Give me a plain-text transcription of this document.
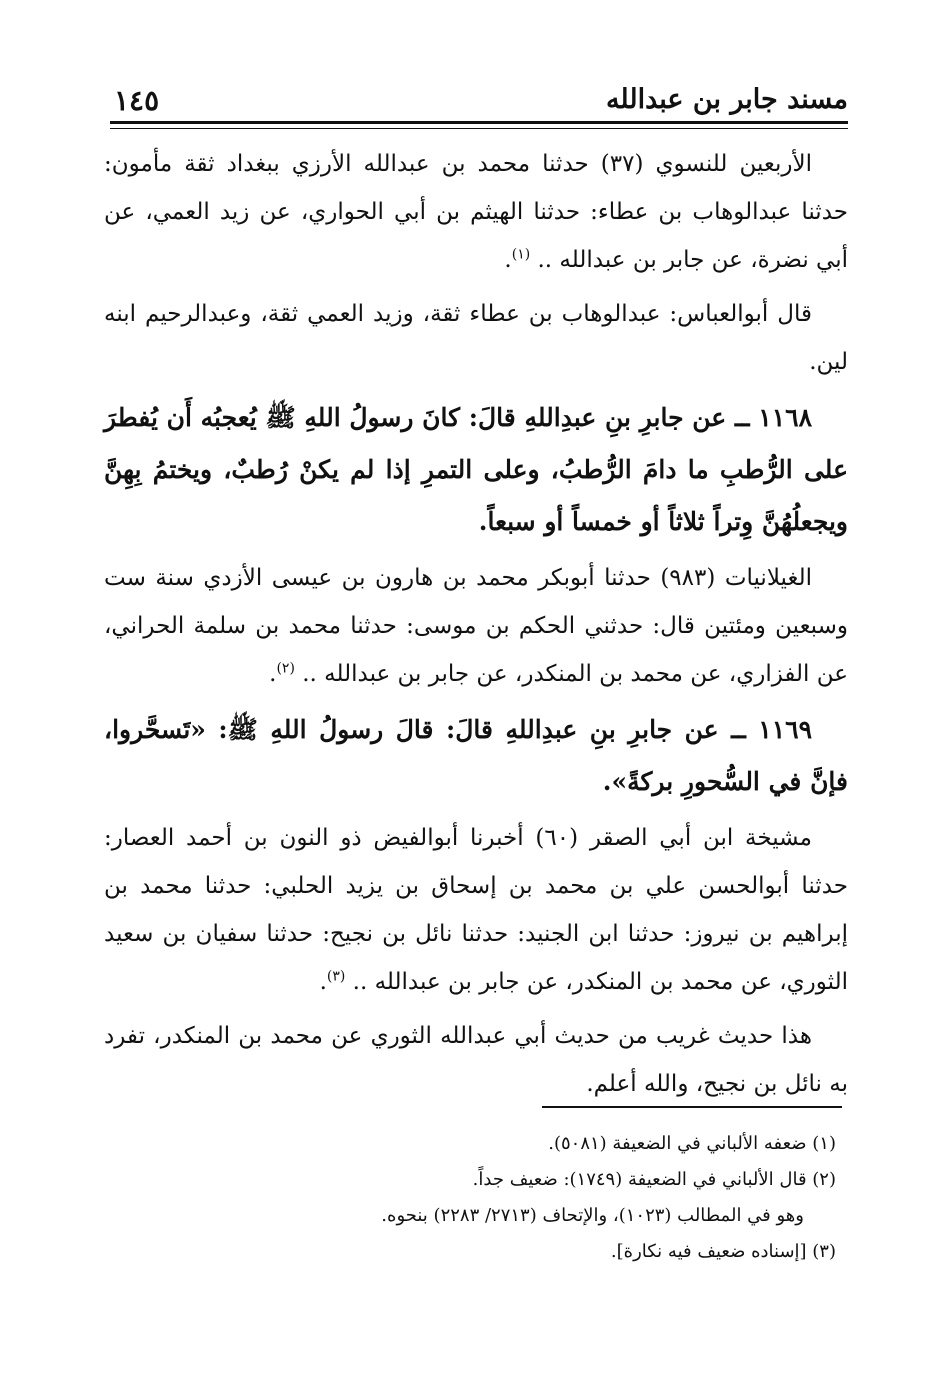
مسند جابر بن عبدالله
١٤٥

الأربعين للنسوي (٣٧) حدثنا محمد بن عبدالله الأرزي ببغداد ثقة مأمون: حدثنا عبدالوهاب بن عطاء: حدثنا الهيثم بن أبي الحواري، عن زيد العمي، عن أبي نضرة، عن جابر بن عبدالله .. $^{(١)}$.

قال أبوالعباس: عبدالوهاب بن عطاء ثقة، وزيد العمي ثقة، وعبدالرحيم ابنه لين.

١١٦٨ ــ عن جابرِ بنِ عبدِاللهِ قالَ: كانَ رسولُ اللهِ ﷺ يُعجبُه أَن يُفطرَ على الرُّطبِ ما دامَ الرُّطبُ، وعلى التمرِ إذا لم يكنْ رُطبٌ، ويختمُ بِهِنَّ ويجعلُهُنَّ وِتراً ثلاثاً أو خمساً أو سبعاً.

الغيلانيات (٩٨٣) حدثنا أبوبكر محمد بن هارون بن عيسى الأزدي سنة ست وسبعين ومئتين قال: حدثني الحكم بن موسى: حدثنا محمد بن سلمة الحراني، عن الفزاري، عن محمد بن المنكدر، عن جابر بن عبدالله .. $^{(٢)}$.

١١٦٩ ــ عن جابرِ بنِ عبدِاللهِ قالَ: قالَ رسولُ اللهِ ﷺ: «تَسحَّروا، فإنَّ في السُّحورِ بركةً».

مشيخة ابن أبي الصقر (٦٠) أخبرنا أبوالفيض ذو النون بن أحمد العصار: حدثنا أبوالحسن علي بن محمد بن إسحاق بن يزيد الحلبي: حدثنا محمد بن إبراهيم بن نيروز: حدثنا ابن الجنيد: حدثنا نائل بن نجيح: حدثنا سفيان بن سعيد الثوري، عن محمد بن المنكدر، عن جابر بن عبدالله .. $^{(٣)}$.

هذا حديث غريب من حديث أبي عبدالله الثوري عن محمد بن المنكدر، تفرد به نائل بن نجيح، والله أعلم.

(١) ضعفه الألباني في الضعيفة (٥٠٨١).

(٢) قال الألباني في الضعيفة (١٧٤٩): ضعيف جداً.

وهو في المطالب (١٠٢٣)، والإتحاف (٢٧١٣/ ٢٢٨٣) بنحوه.

(٣) [إسناده ضعيف فيه نكارة].
